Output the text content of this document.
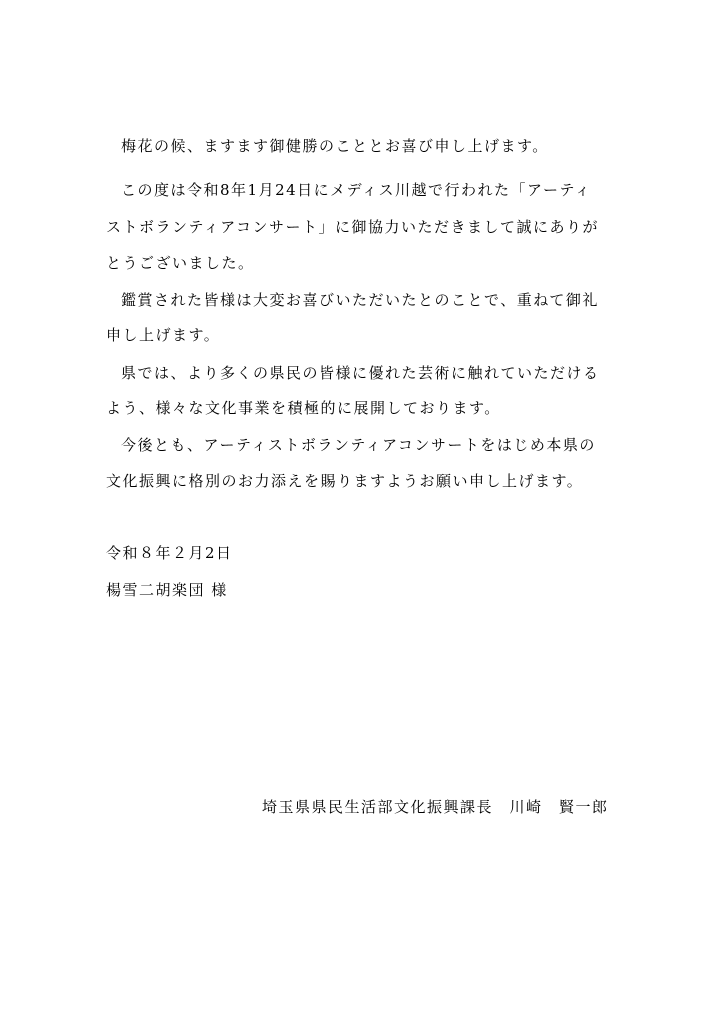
梅花の候、ますます御健勝のこととお喜び申し上げます。
この度は令和8年1月24日にメディス川越で行われた「アーティ
ストボランティアコンサート」に御協力いただきまして誠にありが
とうございました。
鑑賞された皆様は大変お喜びいただいたとのことで、重ねて御礼
申し上げます。
県では、より多くの県民の皆様に優れた芸術に触れていただける
よう、様々な文化事業を積極的に展開しております。
今後とも、アーティストボランティアコンサートをはじめ本県の
文化振興に格別のお力添えを賜りますようお願い申し上げます。
令和８年２月2日
楊雪二胡楽団 様
埼玉県県民生活部文化振興課長　川崎　賢一郎
